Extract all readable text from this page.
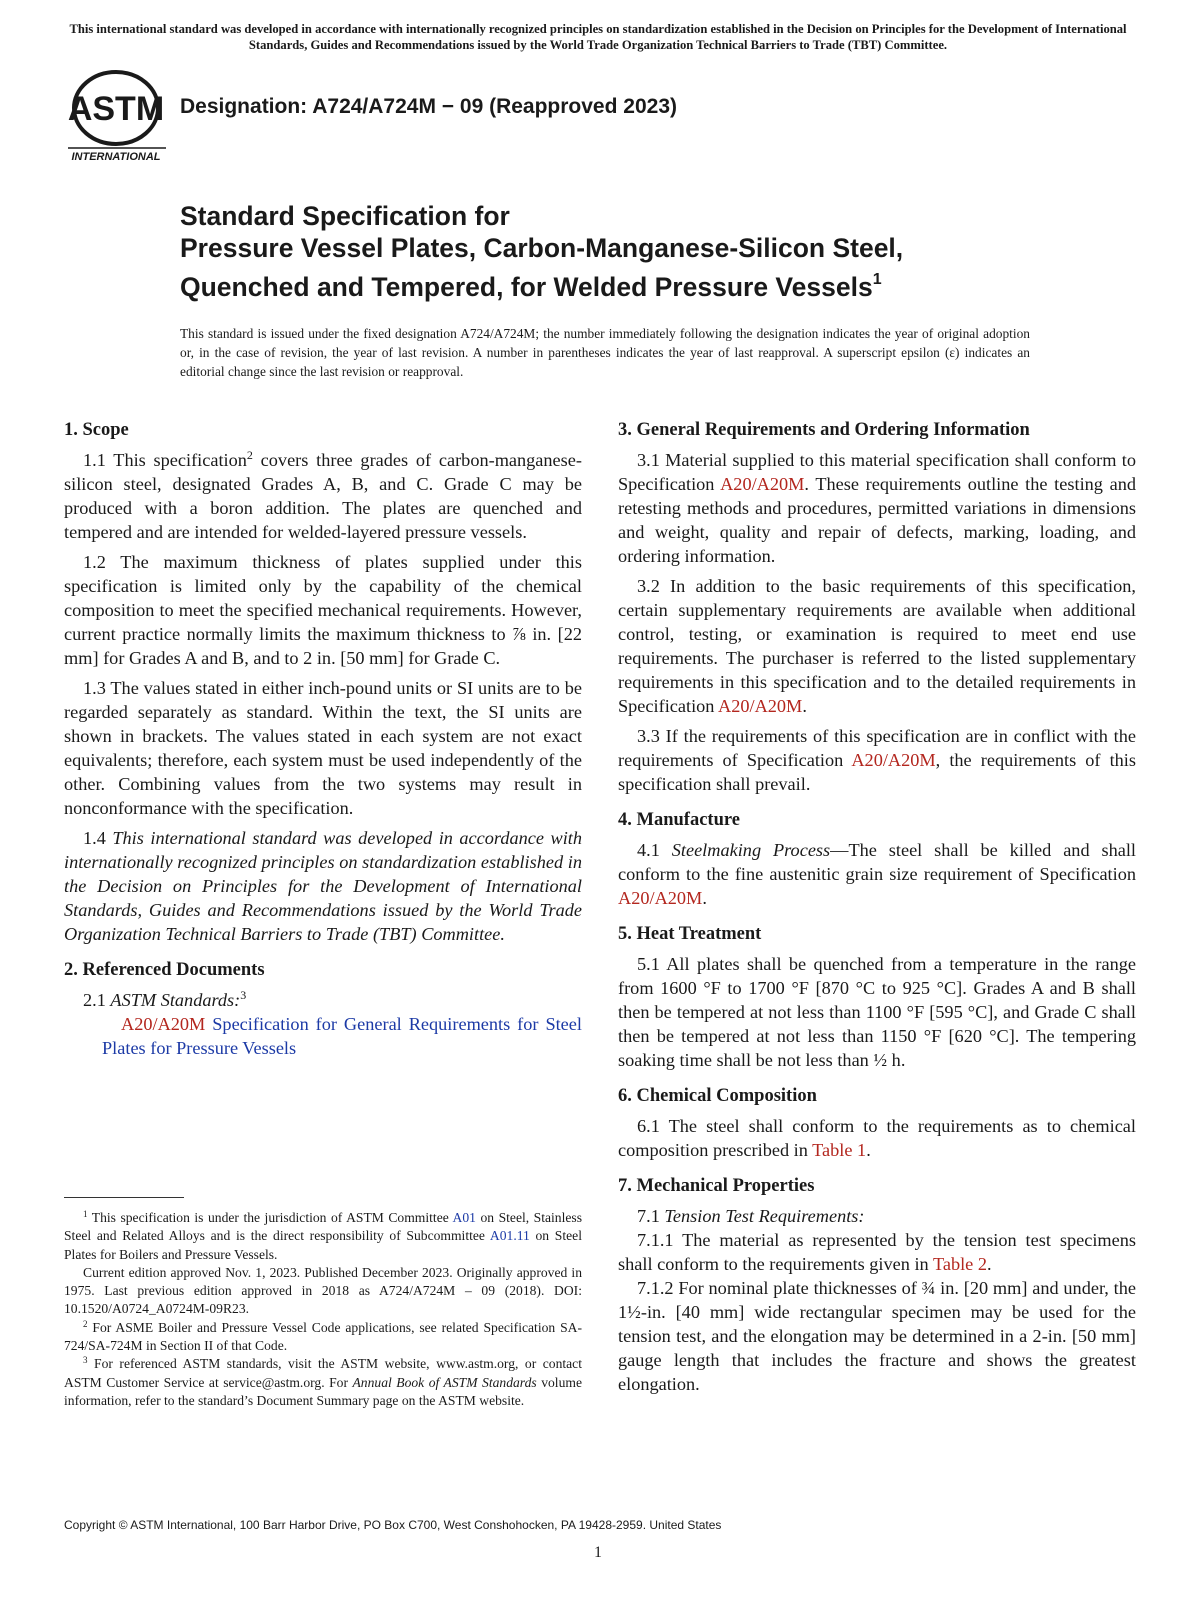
This international standard was developed in accordance with internationally recognized principles on standardization established in the Decision on Principles for the Development of International Standards, Guides and Recommendations issued by the World Trade Organization Technical Barriers to Trade (TBT) Committee.
ASTM
INTERNATIONAL
Designation: A724/A724M − 09 (Reapproved 2023)
Standard Specification for
Pressure Vessel Plates, Carbon-Manganese-Silicon Steel,
Quenched and Tempered, for Welded Pressure Vessels$^1$
This standard is issued under the fixed designation A724/A724M; the number immediately following the designation indicates the year of original adoption or, in the case of revision, the year of last revision. A number in parentheses indicates the year of last reapproval. A superscript epsilon (ε) indicates an editorial change since the last revision or reapproval.
1. Scope

1.1 This specification$^2$ covers three grades of carbon-manganese-silicon steel, designated Grades A, B, and C. Grade C may be produced with a boron addition. The plates are quenched and tempered and are intended for welded-layered pressure vessels.

1.2 The maximum thickness of plates supplied under this specification is limited only by the capability of the chemical composition to meet the specified mechanical requirements. However, current practice normally limits the maximum thickness to ⅞ in. [22 mm] for Grades A and B, and to 2 in. [50 mm] for Grade C.

1.3 The values stated in either inch-pound units or SI units are to be regarded separately as standard. Within the text, the SI units are shown in brackets. The values stated in each system are not exact equivalents; therefore, each system must be used independently of the other. Combining values from the two systems may result in nonconformance with the specification.

1.4 This international standard was developed in accordance with internationally recognized principles on standardization established in the Decision on Principles for the Development of International Standards, Guides and Recommendations issued by the World Trade Organization Technical Barriers to Trade (TBT) Committee.

2. Referenced Documents

2.1 ASTM Standards:$^3$

A20/A20M Specification for General Requirements for Steel Plates for Pressure Vessels

$^1$ This specification is under the jurisdiction of ASTM Committee A01 on Steel, Stainless Steel and Related Alloys and is the direct responsibility of Subcommittee A01.11 on Steel Plates for Boilers and Pressure Vessels.

Current edition approved Nov. 1, 2023. Published December 2023. Originally approved in 1975. Last previous edition approved in 2018 as A724/A724M – 09 (2018). DOI: 10.1520/A0724_A0724M-09R23.

$^2$ For ASME Boiler and Pressure Vessel Code applications, see related Specification SA-724/SA-724M in Section II of that Code.

$^3$ For referenced ASTM standards, visit the ASTM website, www.astm.org, or contact ASTM Customer Service at service@astm.org. For Annual Book of ASTM Standards volume information, refer to the standard’s Document Summary page on the ASTM website.

3. General Requirements and Ordering Information

3.1 Material supplied to this material specification shall conform to Specification A20/A20M. These requirements outline the testing and retesting methods and procedures, permitted variations in dimensions and weight, quality and repair of defects, marking, loading, and ordering information.

3.2 In addition to the basic requirements of this specification, certain supplementary requirements are available when additional control, testing, or examination is required to meet end use requirements. The purchaser is referred to the listed supplementary requirements in this specification and to the detailed requirements in Specification A20/A20M.

3.3 If the requirements of this specification are in conflict with the requirements of Specification A20/A20M, the requirements of this specification shall prevail.

4. Manufacture

4.1 Steelmaking Process—The steel shall be killed and shall conform to the fine austenitic grain size requirement of Specification A20/A20M.

5. Heat Treatment

5.1 All plates shall be quenched from a temperature in the range from 1600 °F to 1700 °F [870 °C to 925 °C]. Grades A and B shall then be tempered at not less than 1100 °F [595 °C], and Grade C shall then be tempered at not less than 1150 °F [620 °C]. The tempering soaking time shall be not less than ½ h.

6. Chemical Composition

6.1 The steel shall conform to the requirements as to chemical composition prescribed in Table 1.

7. Mechanical Properties

7.1 Tension Test Requirements:

7.1.1 The material as represented by the tension test specimens shall conform to the requirements given in Table 2.

7.1.2 For nominal plate thicknesses of ¾ in. [20 mm] and under, the 1½-in. [40 mm] wide rectangular specimen may be used for the tension test, and the elongation may be determined in a 2-in. [50 mm] gauge length that includes the fracture and shows the greatest elongation.

Copyright © ASTM International, 100 Barr Harbor Drive, PO Box C700, West Conshohocken, PA 19428-2959. United States
1
